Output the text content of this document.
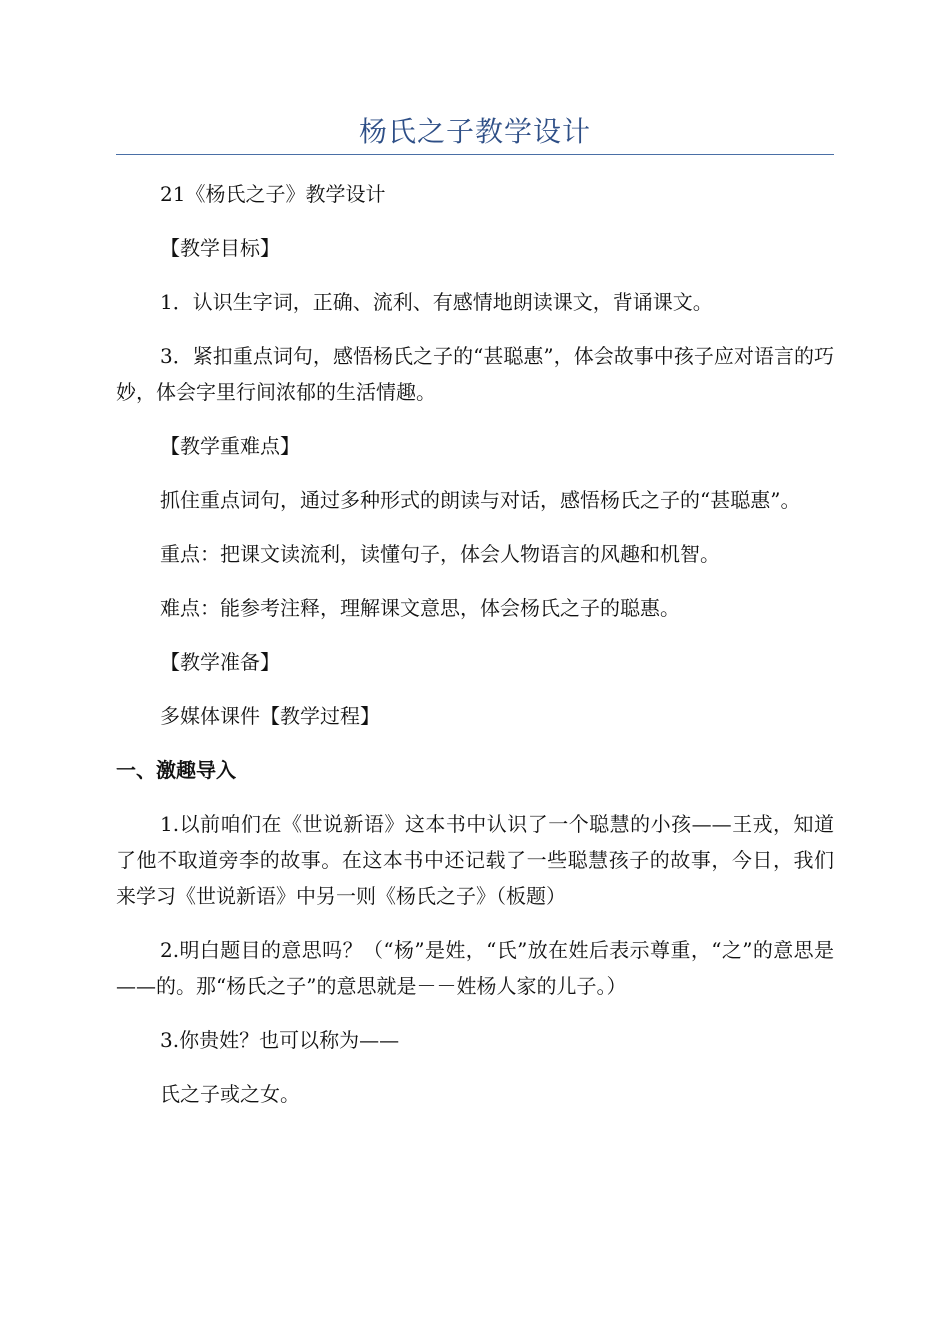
杨氏之子教学设计

21《杨氏之子》教学设计

【教学目标】

1．认识生字词，正确、流利、有感情地朗读课文，背诵课文。

3．紧扣重点词句，感悟杨氏之子的“甚聪惠”，体会故事中孩子应对语言的巧妙，体会字里行间浓郁的生活情趣。

【教学重难点】

抓住重点词句，通过多种形式的朗读与对话，感悟杨氏之子的“甚聪惠”。

重点：把课文读流利，读懂句子，体会人物语言的风趣和机智。

难点：能参考注释，理解课文意思，体会杨氏之子的聪惠。

【教学准备】

多媒体课件【教学过程】

一、激趣导入

1.以前咱们在《世说新语》这本书中认识了一个聪慧的小孩——王戎，知道了他不取道旁李的故事。在这本书中还记载了一些聪慧孩子的故事，今日，我们来学习《世说新语》中另一则《杨氏之子》（板题）

2.明白题目的意思吗？（“杨”是姓，“氏”放在姓后表示尊重，“之”的意思是——的。那“杨氏之子”的意思就是－－姓杨人家的儿子。）

3.你贵姓？也可以称为——

氏之子或之女。
